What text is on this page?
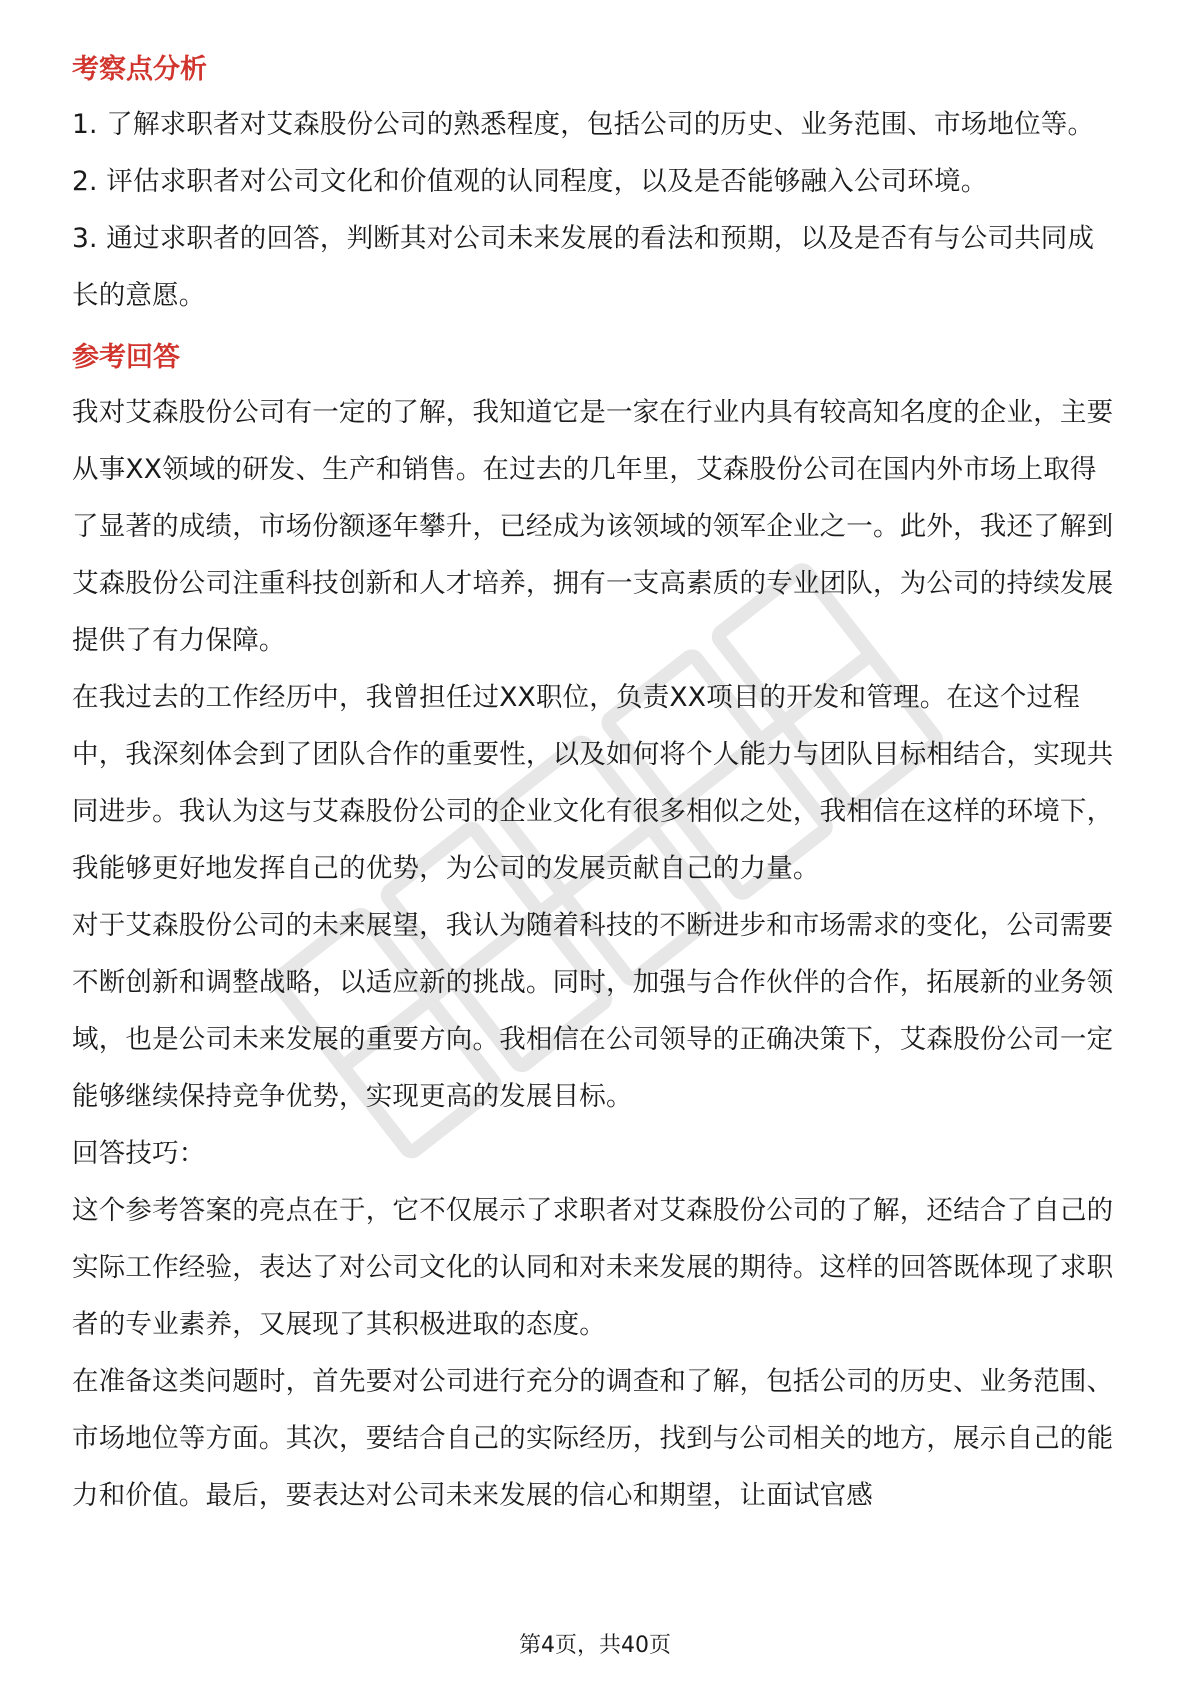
考察点分析

1. 了解求职者对艾森股份公司的熟悉程度，包括公司的历史、业务范围、市场地位等。

2. 评估求职者对公司文化和价值观的认同程度，以及是否能够融入公司环境。

3. 通过求职者的回答，判断其对公司未来发展的看法和预期，以及是否有与公司共同成长的意愿。

参考回答

我对艾森股份公司有一定的了解，我知道它是一家在行业内具有较高知名度的企业，主要从事XX领域的研发、生产和销售。在过去的几年里，艾森股份公司在国内外市场上取得了显著的成绩，市场份额逐年攀升，已经成为该领域的领军企业之一。此外，我还了解到艾森股份公司注重科技创新和人才培养，拥有一支高素质的专业团队，为公司的持续发展提供了有力保障。

在我过去的工作经历中，我曾担任过XX职位，负责XX项目的开发和管理。在这个过程中，我深刻体会到了团队合作的重要性，以及如何将个人能力与团队目标相结合，实现共同进步。我认为这与艾森股份公司的企业文化有很多相似之处，我相信在这样的环境下，我能够更好地发挥自己的优势，为公司的发展贡献自己的力量。

对于艾森股份公司的未来展望，我认为随着科技的不断进步和市场需求的变化，公司需要不断创新和调整战略，以适应新的挑战。同时，加强与合作伙伴的合作，拓展新的业务领域，也是公司未来发展的重要方向。我相信在公司领导的正确决策下，艾森股份公司一定能够继续保持竞争优势，实现更高的发展目标。

回答技巧：

这个参考答案的亮点在于，它不仅展示了求职者对艾森股份公司的了解，还结合了自己的实际工作经验，表达了对公司文化的认同和对未来发展的期待。这样的回答既体现了求职者的专业素养，又展现了其积极进取的态度。

在准备这类问题时，首先要对公司进行充分的调查和了解，包括公司的历史、业务范围、市场地位等方面。其次，要结合自己的实际经历，找到与公司相关的地方，展示自己的能力和价值。最后，要表达对公司未来发展的信心和期望，让面试官感

第4页，共40页
